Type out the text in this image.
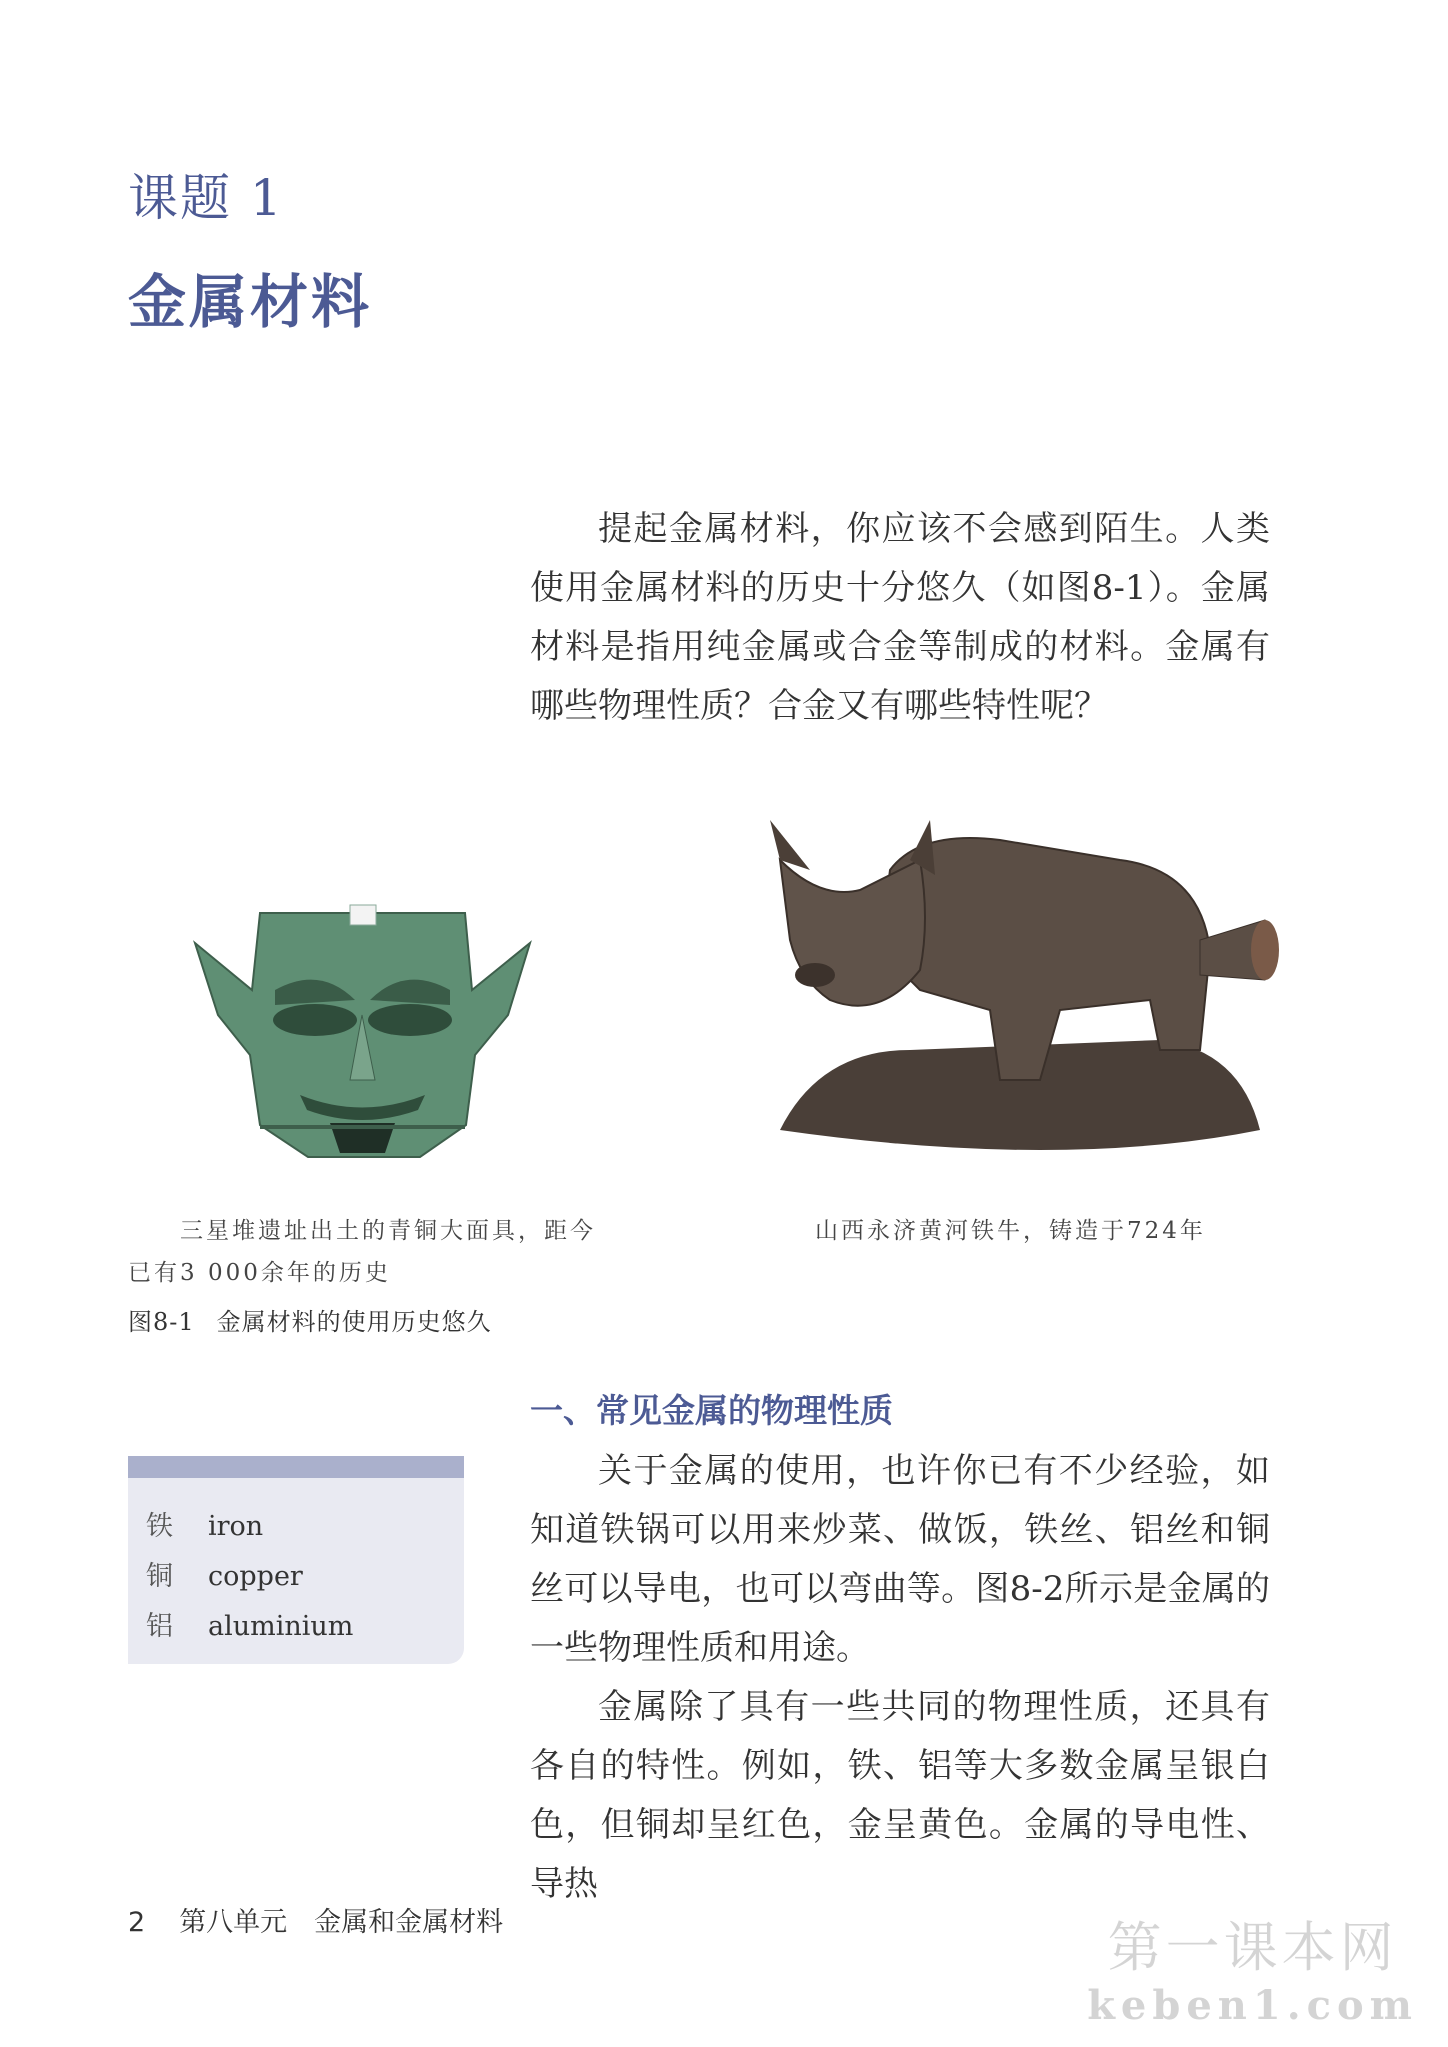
课题 1
金属材料

提起金属材料，你应该不会感到陌生。人类使用金属材料的历史十分悠久（如图8-1）。金属材料是指用纯金属或合金等制成的材料。金属有哪些物理性质？合金又有哪些特性呢？

三星堆遗址出土的青铜大面具，距今
已有3 000余年的历史
山西永济黄河铁牛，铸造于724年
图8-1 金属材料的使用历史悠久
一、常见金属的物理性质
铁 iron
铜 copper
铝 aluminium

关于金属的使用，也许你已有不少经验，如知道铁锅可以用来炒菜、做饭，铁丝、铝丝和铜丝可以导电，也可以弯曲等。图8-2所示是金属的一些物理性质和用途。

金属除了具有一些共同的物理性质，还具有各自的特性。例如，铁、铝等大多数金属呈银白色，但铜却呈红色，金呈黄色。金属的导电性、导热

2 第八单元　金属和金属材料	第一课本网
keben1.com
